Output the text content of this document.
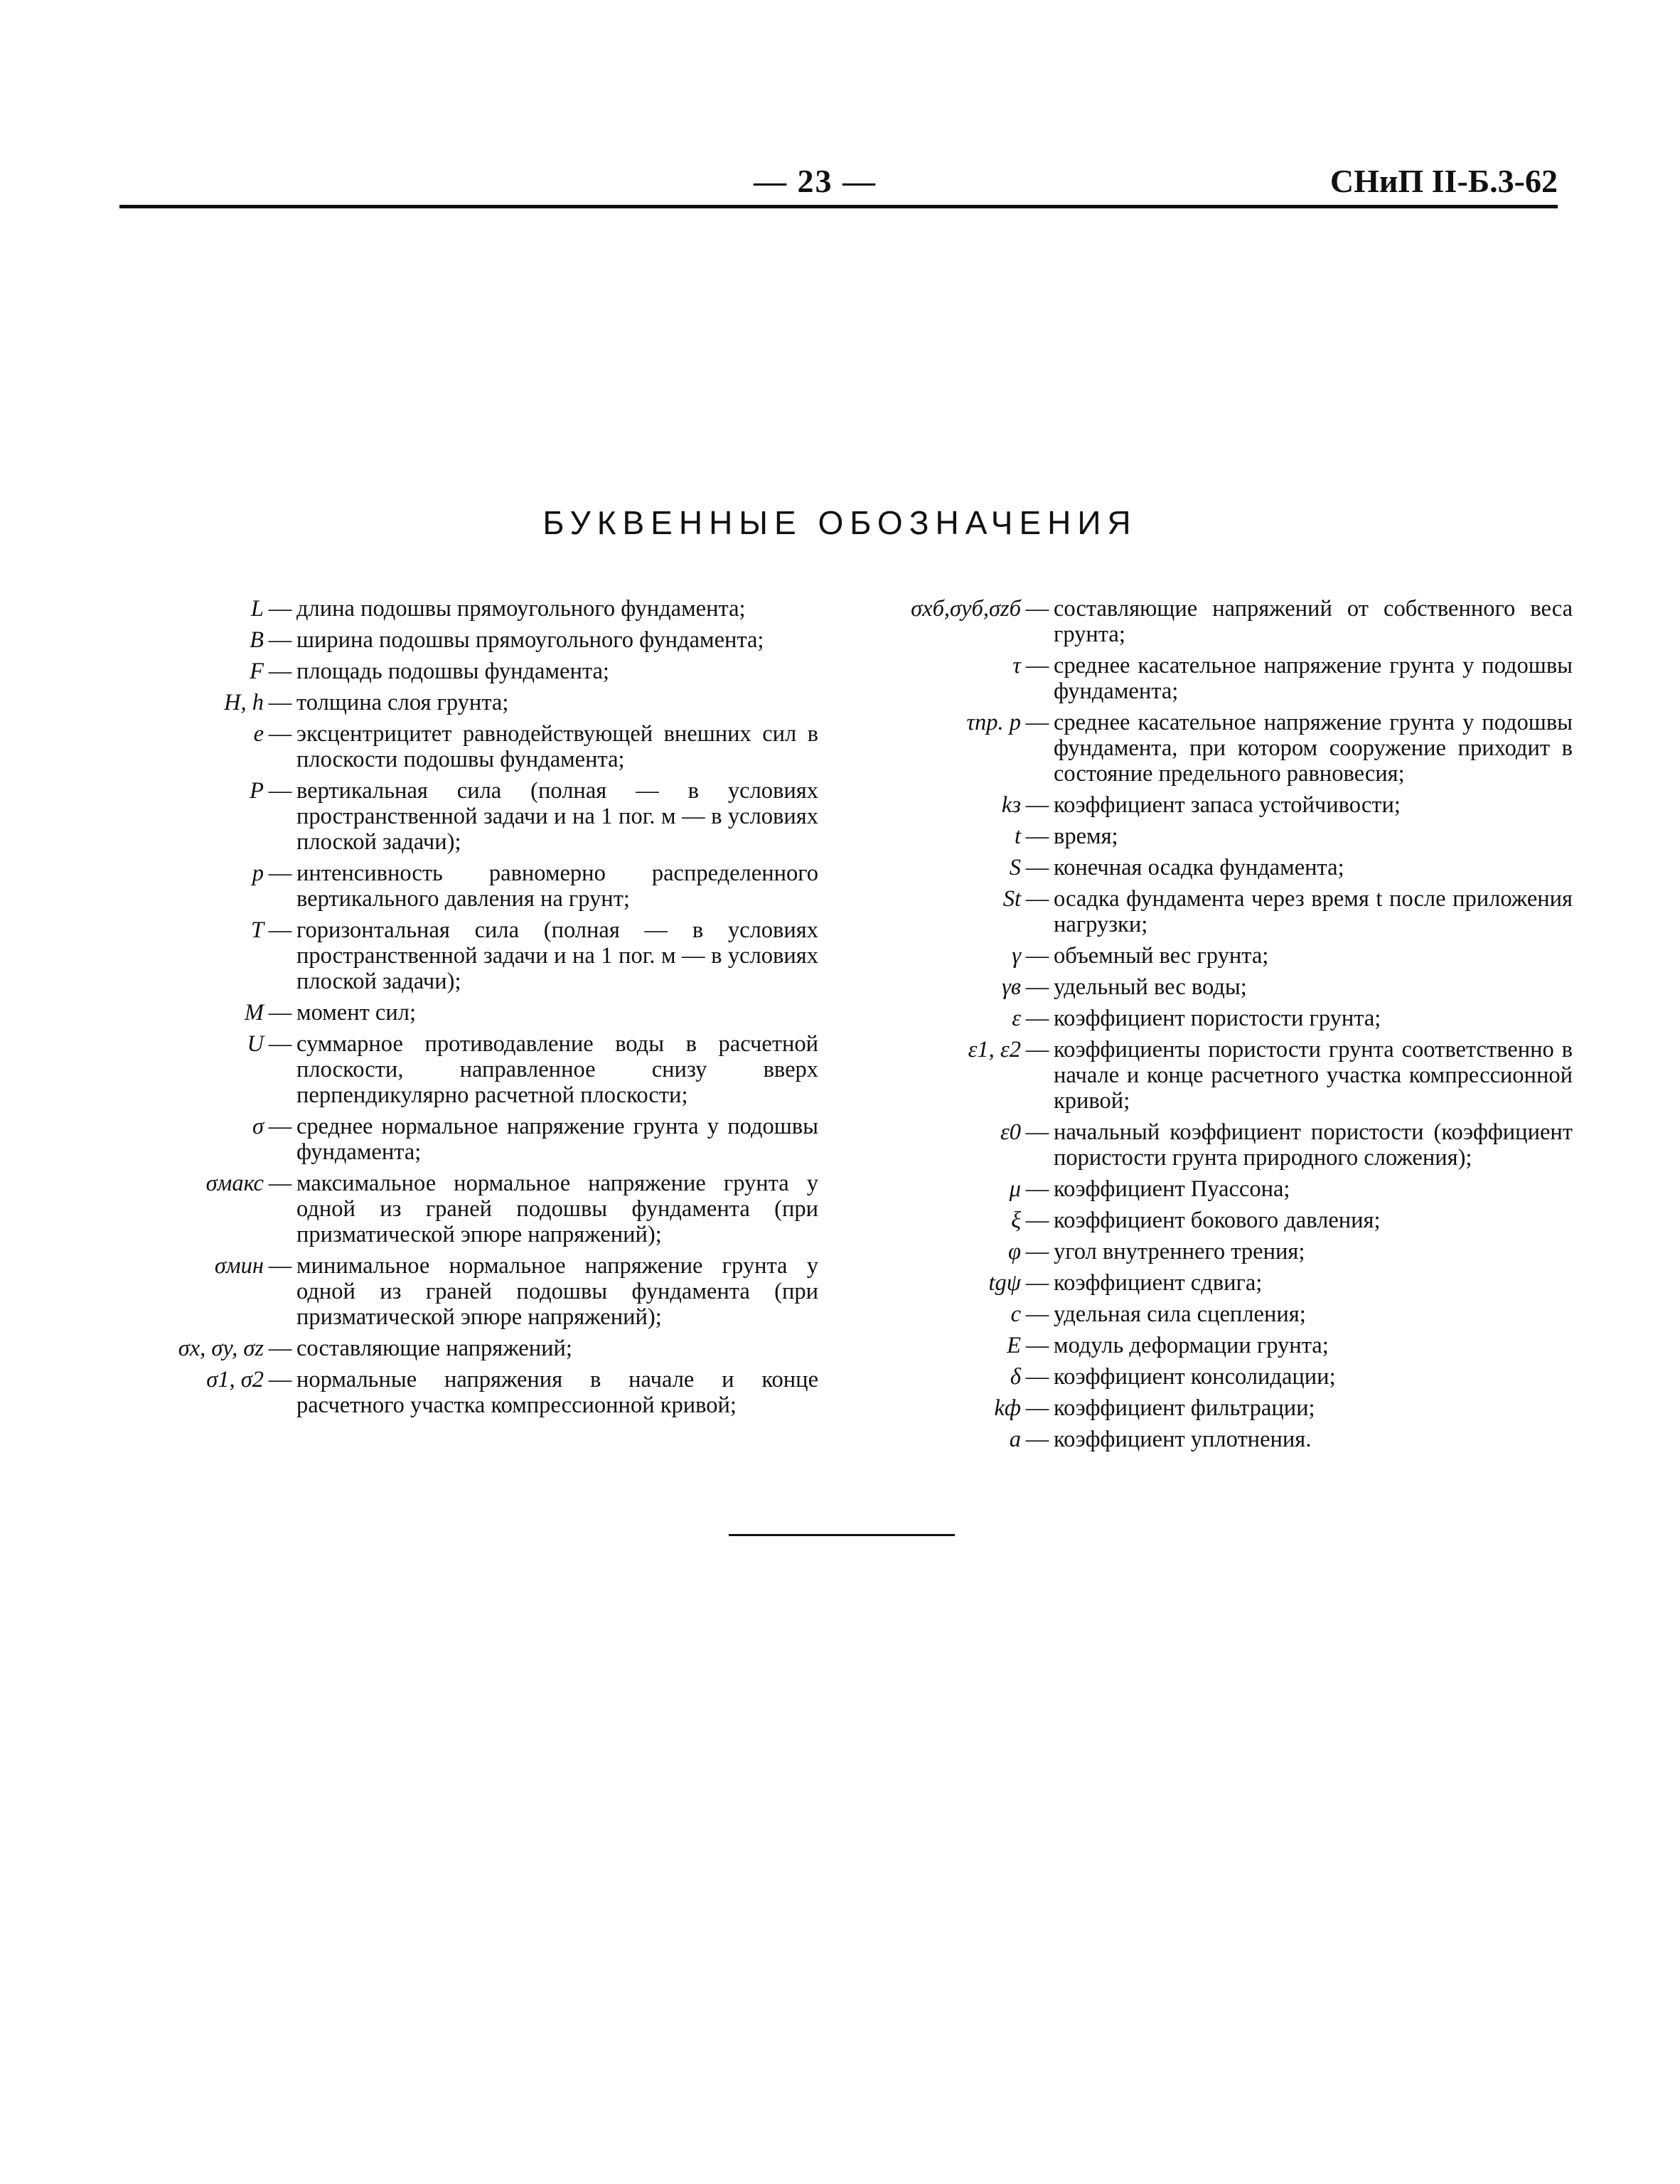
— 23 —	СНиП II-Б.3-62
БУКВЕННЫЕ ОБОЗНАЧЕНИЯ
L — длина подошвы прямоугольного фундамента;
B — ширина подошвы прямоугольного фундамента;
F — площадь подошвы фундамента;
H, h — толщина слоя грунта;
e — эксцентрицитет равнодействующей внешних сил в плоскости подошвы фундамента;
P — вертикальная сила (полная — в условиях пространственной задачи и на 1 пог. м — в условиях плоской задачи);
p — интенсивность равномерно распределенного вертикального давления на грунт;
T — горизонтальная сила (полная — в условиях пространственной задачи и на 1 пог. м — в условиях плоской задачи);
M — момент сил;
U — суммарное противодавление воды в расчетной плоскости, направленное снизу вверх перпендикулярно расчетной плоскости;
σ — среднее нормальное напряжение грунта у подошвы фундамента;
σмакс — максимальное нормальное напряжение грунта у одной из граней подошвы фундамента (при призматической эпюре напряжений);
σмин — минимальное нормальное напряжение грунта у одной из граней подошвы фундамента (при призматической эпюре напряжений);
σx, σy, σz — составляющие напряжений;
σ1, σ2 — нормальные напряжения в начале и конце расчетного участка компрессионной кривой;
σxб,σyб,σzб — составляющие напряжений от собственного веса грунта;
τ — среднее касательное напряжение грунта у подошвы фундамента;
τпр. р — среднее касательное напряжение грунта у подошвы фундамента, при котором сооружение приходит в состояние предельного равновесия;
kз — коэффициент запаса устойчивости;
t — время;
S — конечная осадка фундамента;
St — осадка фундамента через время t после приложения нагрузки;
γ — объемный вес грунта;
γв — удельный вес воды;
ε — коэффициент пористости грунта;
ε1, ε2 — коэффициенты пористости грунта соответственно в начале и конце расчетного участка компрессионной кривой;
ε0 — начальный коэффициент пористости (коэффициент пористости грунта природного сложения);
μ — коэффициент Пуассона;
ξ — коэффициент бокового давления;
φ — угол внутреннего трения;
tgψ — коэффициент сдвига;
c — удельная сила сцепления;
E — модуль деформации грунта;
δ — коэффициент консолидации;
kф — коэффициент фильтрации;
a — коэффициент уплотнения.
